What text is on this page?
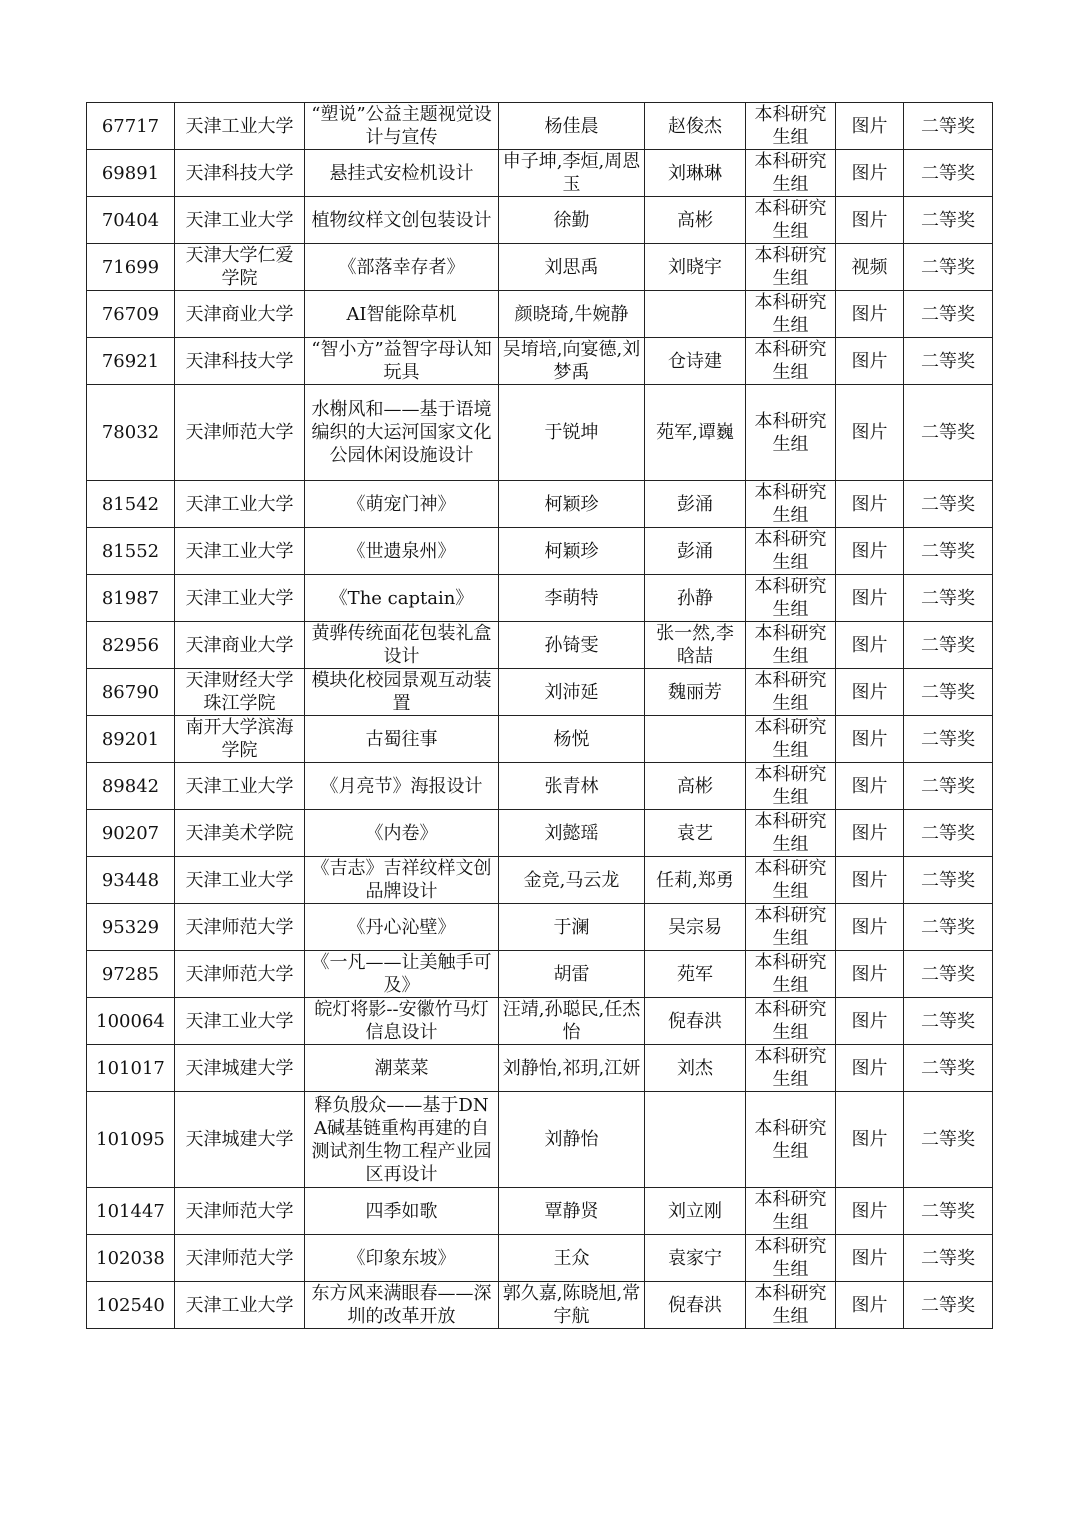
67717	天津工业大学	“塑说”公益主题视觉设计与宣传	杨佳晨	赵俊杰	本科研究生组	图片	二等奖
69891	天津科技大学	悬挂式安检机设计	申子坤,李烜,周恩玉	刘琳琳	本科研究生组	图片	二等奖
70404	天津工业大学	植物纹样文创包装设计	徐勤	高彬	本科研究生组	图片	二等奖
71699	天津大学仁爱学院	《部落幸存者》	刘思禹	刘晓宇	本科研究生组	视频	二等奖
76709	天津商业大学	AI智能除草机	颜晓琦,牛婉静		本科研究生组	图片	二等奖
76921	天津科技大学	“智小方”益智字母认知玩具	吴堉培,向宴德,刘梦禹	仓诗建	本科研究生组	图片	二等奖
78032	天津师范大学	水榭风和——基于语境编织的大运河国家文化公园休闲设施设计	于锐坤	苑军,谭巍	本科研究生组	图片	二等奖
81542	天津工业大学	《萌宠门神》	柯颖珍	彭涌	本科研究生组	图片	二等奖
81552	天津工业大学	《世遗泉州》	柯颖珍	彭涌	本科研究生组	图片	二等奖
81987	天津工业大学	《The captain》	李萌特	孙静	本科研究生组	图片	二等奖
82956	天津商业大学	黄骅传统面花包装礼盒设计	孙锜雯	张一然,李晗喆	本科研究生组	图片	二等奖
86790	天津财经大学珠江学院	模块化校园景观互动装置	刘沛延	魏丽芳	本科研究生组	图片	二等奖
89201	南开大学滨海学院	古蜀往事	杨悦		本科研究生组	图片	二等奖
89842	天津工业大学	《月亮节》海报设计	张青林	高彬	本科研究生组	图片	二等奖
90207	天津美术学院	《内卷》	刘懿瑶	袁艺	本科研究生组	图片	二等奖
93448	天津工业大学	《吉志》吉祥纹样文创品牌设计	金竞,马云龙	任莉,郑勇	本科研究生组	图片	二等奖
95329	天津师范大学	《丹心沁壁》	于澜	吴宗易	本科研究生组	图片	二等奖
97285	天津师范大学	《一凡——让美触手可及》	胡雷	苑军	本科研究生组	图片	二等奖
100064	天津工业大学	皖灯将影--安徽竹马灯信息设计	汪靖,孙聪民,任杰怡	倪春洪	本科研究生组	图片	二等奖
101017	天津城建大学	潮菜菜	刘静怡,祁玥,江妍	刘杰	本科研究生组	图片	二等奖
101095	天津城建大学	释负殷众——基于DNA碱基链重构再建的自测试剂生物工程产业园区再设计	刘静怡		本科研究生组	图片	二等奖
101447	天津师范大学	四季如歌	覃静贤	刘立刚	本科研究生组	图片	二等奖
102038	天津师范大学	《印象东坡》	王众	袁家宁	本科研究生组	图片	二等奖
102540	天津工业大学	东方风来满眼春——深圳的改革开放	郭久嘉,陈晓旭,常宇航	倪春洪	本科研究生组	图片	二等奖
